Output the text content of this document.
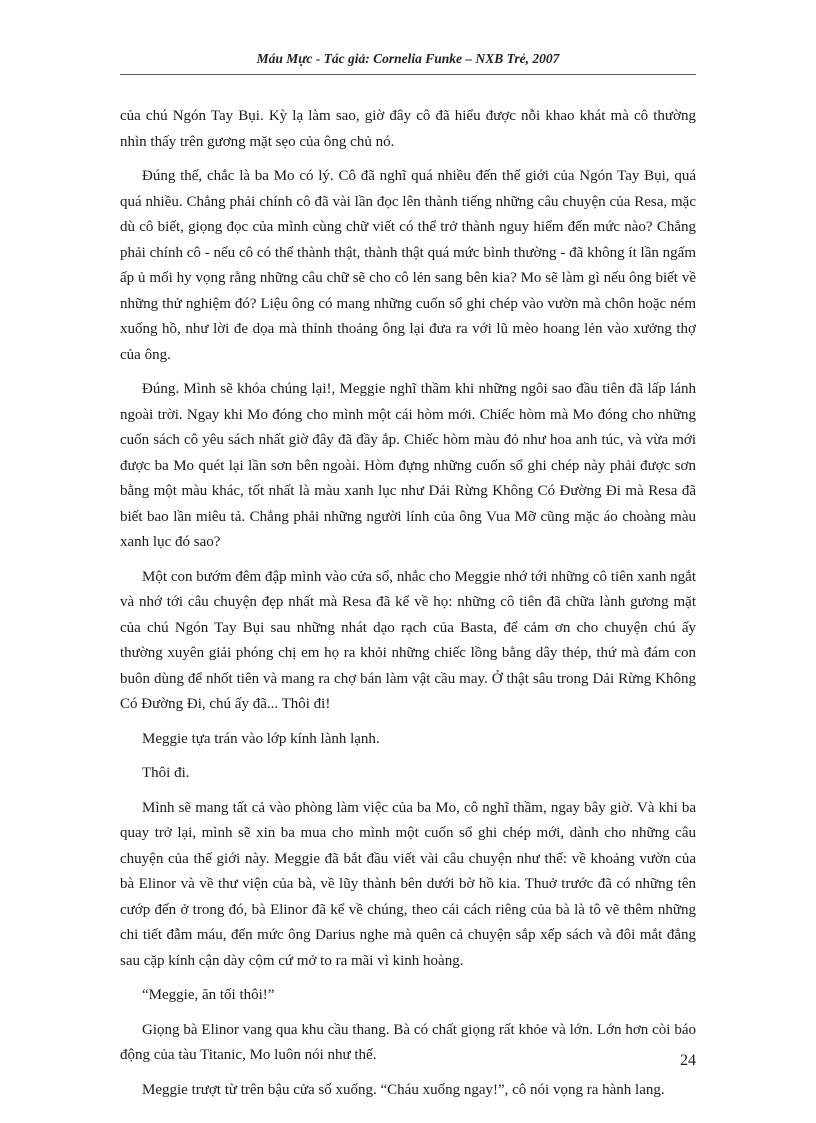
Máu Mực - Tác giả: Cornelia Funke – NXB Trẻ, 2007

của chú Ngón Tay Bụi. Kỳ lạ làm sao, giờ đây cô đã hiểu được nỗi khao khát mà cô thường nhìn thấy trên gương mặt sẹo của ông chủ nó.

Đúng thế, chắc là ba Mo có lý. Cô đã nghĩ quá nhiều đến thế giới của Ngón Tay Bụi, quá quá nhiều. Chẳng phải chính cô đã vài lần đọc lên thành tiếng những câu chuyện của Resa, mặc dù cô biết, giọng đọc của mình cùng chữ viết có thể trở thành nguy hiểm đến mức nào? Chẳng phải chính cô - nếu cô có thể thành thật, thành thật quá mức bình thường - đã không ít lần ngấm ấp ủ mối hy vọng rằng những câu chữ sẽ cho cô lẻn sang bên kia? Mo sẽ làm gì nếu ông biết về những thử nghiệm đó? Liệu ông có mang những cuốn sổ ghi chép vào vườn mà chôn hoặc ném xuống hồ, như lời đe dọa mà thỉnh thoảng ông lại đưa ra với lũ mèo hoang lẻn vào xưởng thợ của ông.

Đúng. Mình sẽ khóa chúng lại!, Meggie nghĩ thầm khi những ngôi sao đầu tiên đã lấp lánh ngoài trời. Ngay khi Mo đóng cho mình một cái hòm mới. Chiếc hòm mà Mo đóng cho những cuốn sách cô yêu sách nhất giờ đây đã đầy ắp. Chiếc hòm màu đỏ như hoa anh túc, và vừa mới được ba Mo quét lại lần sơn bên ngoài. Hòm đựng những cuốn sổ ghi chép này phải được sơn bằng một màu khác, tốt nhất là màu xanh lục như Dải Rừng Không Có Đường Đi mà Resa đã biết bao lần miêu tả. Chẳng phải những người lính của ông Vua Mỡ cũng mặc áo choàng màu xanh lục đó sao?

Một con bướm đêm đập mình vào cửa sổ, nhắc cho Meggie nhớ tới những cô tiên xanh ngắt và nhớ tới câu chuyện đẹp nhất mà Resa đã kể về họ: những cô tiên đã chữa lành gương mặt của chú Ngón Tay Bụi sau những nhát dạo rạch của Basta, để cảm ơn cho chuyện chú ấy thường xuyên giải phóng chị em họ ra khỏi những chiếc lồng bằng dây thép, thứ mà đám con buôn dùng để nhốt tiên và mang ra chợ bán làm vật cầu may. Ở thật sâu trong Dải Rừng Không Có Đường Đi, chú ấy đã... Thôi đi!

Meggie tựa trán vào lớp kính lành lạnh.

Thôi đi.

Mình sẽ mang tất cả vào phòng làm việc của ba Mo, cô nghĩ thầm, ngay bây giờ. Và khi ba quay trở lại, mình sẽ xin ba mua cho mình một cuốn sổ ghi chép mới, dành cho những câu chuyện của thế giới này. Meggie đã bắt đầu viết vài câu chuyện như thế: về khoảng vườn của bà Elinor và về thư viện của bà, về lũy thành bên dưới bờ hồ kia. Thuở trước đã có những tên cướp đến ở trong đó, bà Elinor đã kể về chúng, theo cái cách riêng của bà là tô vẽ thêm những chi tiết đẫm máu, đến mức ông Darius nghe mà quên cả chuyện sắp xếp sách và đôi mắt đẳng sau cặp kính cận dày cộm cứ mở to ra mãi vì kinh hoàng.

“Meggie, ăn tối thôi!”

Giọng bà Elinor vang qua khu cầu thang. Bà có chất giọng rất khỏe và lớn. Lớn hơn còi báo động của tàu Titanic, Mo luôn nói như thế.

Meggie trượt từ trên bậu cửa sổ xuống. “Cháu xuống ngay!”, cô nói vọng ra hành lang.

24
